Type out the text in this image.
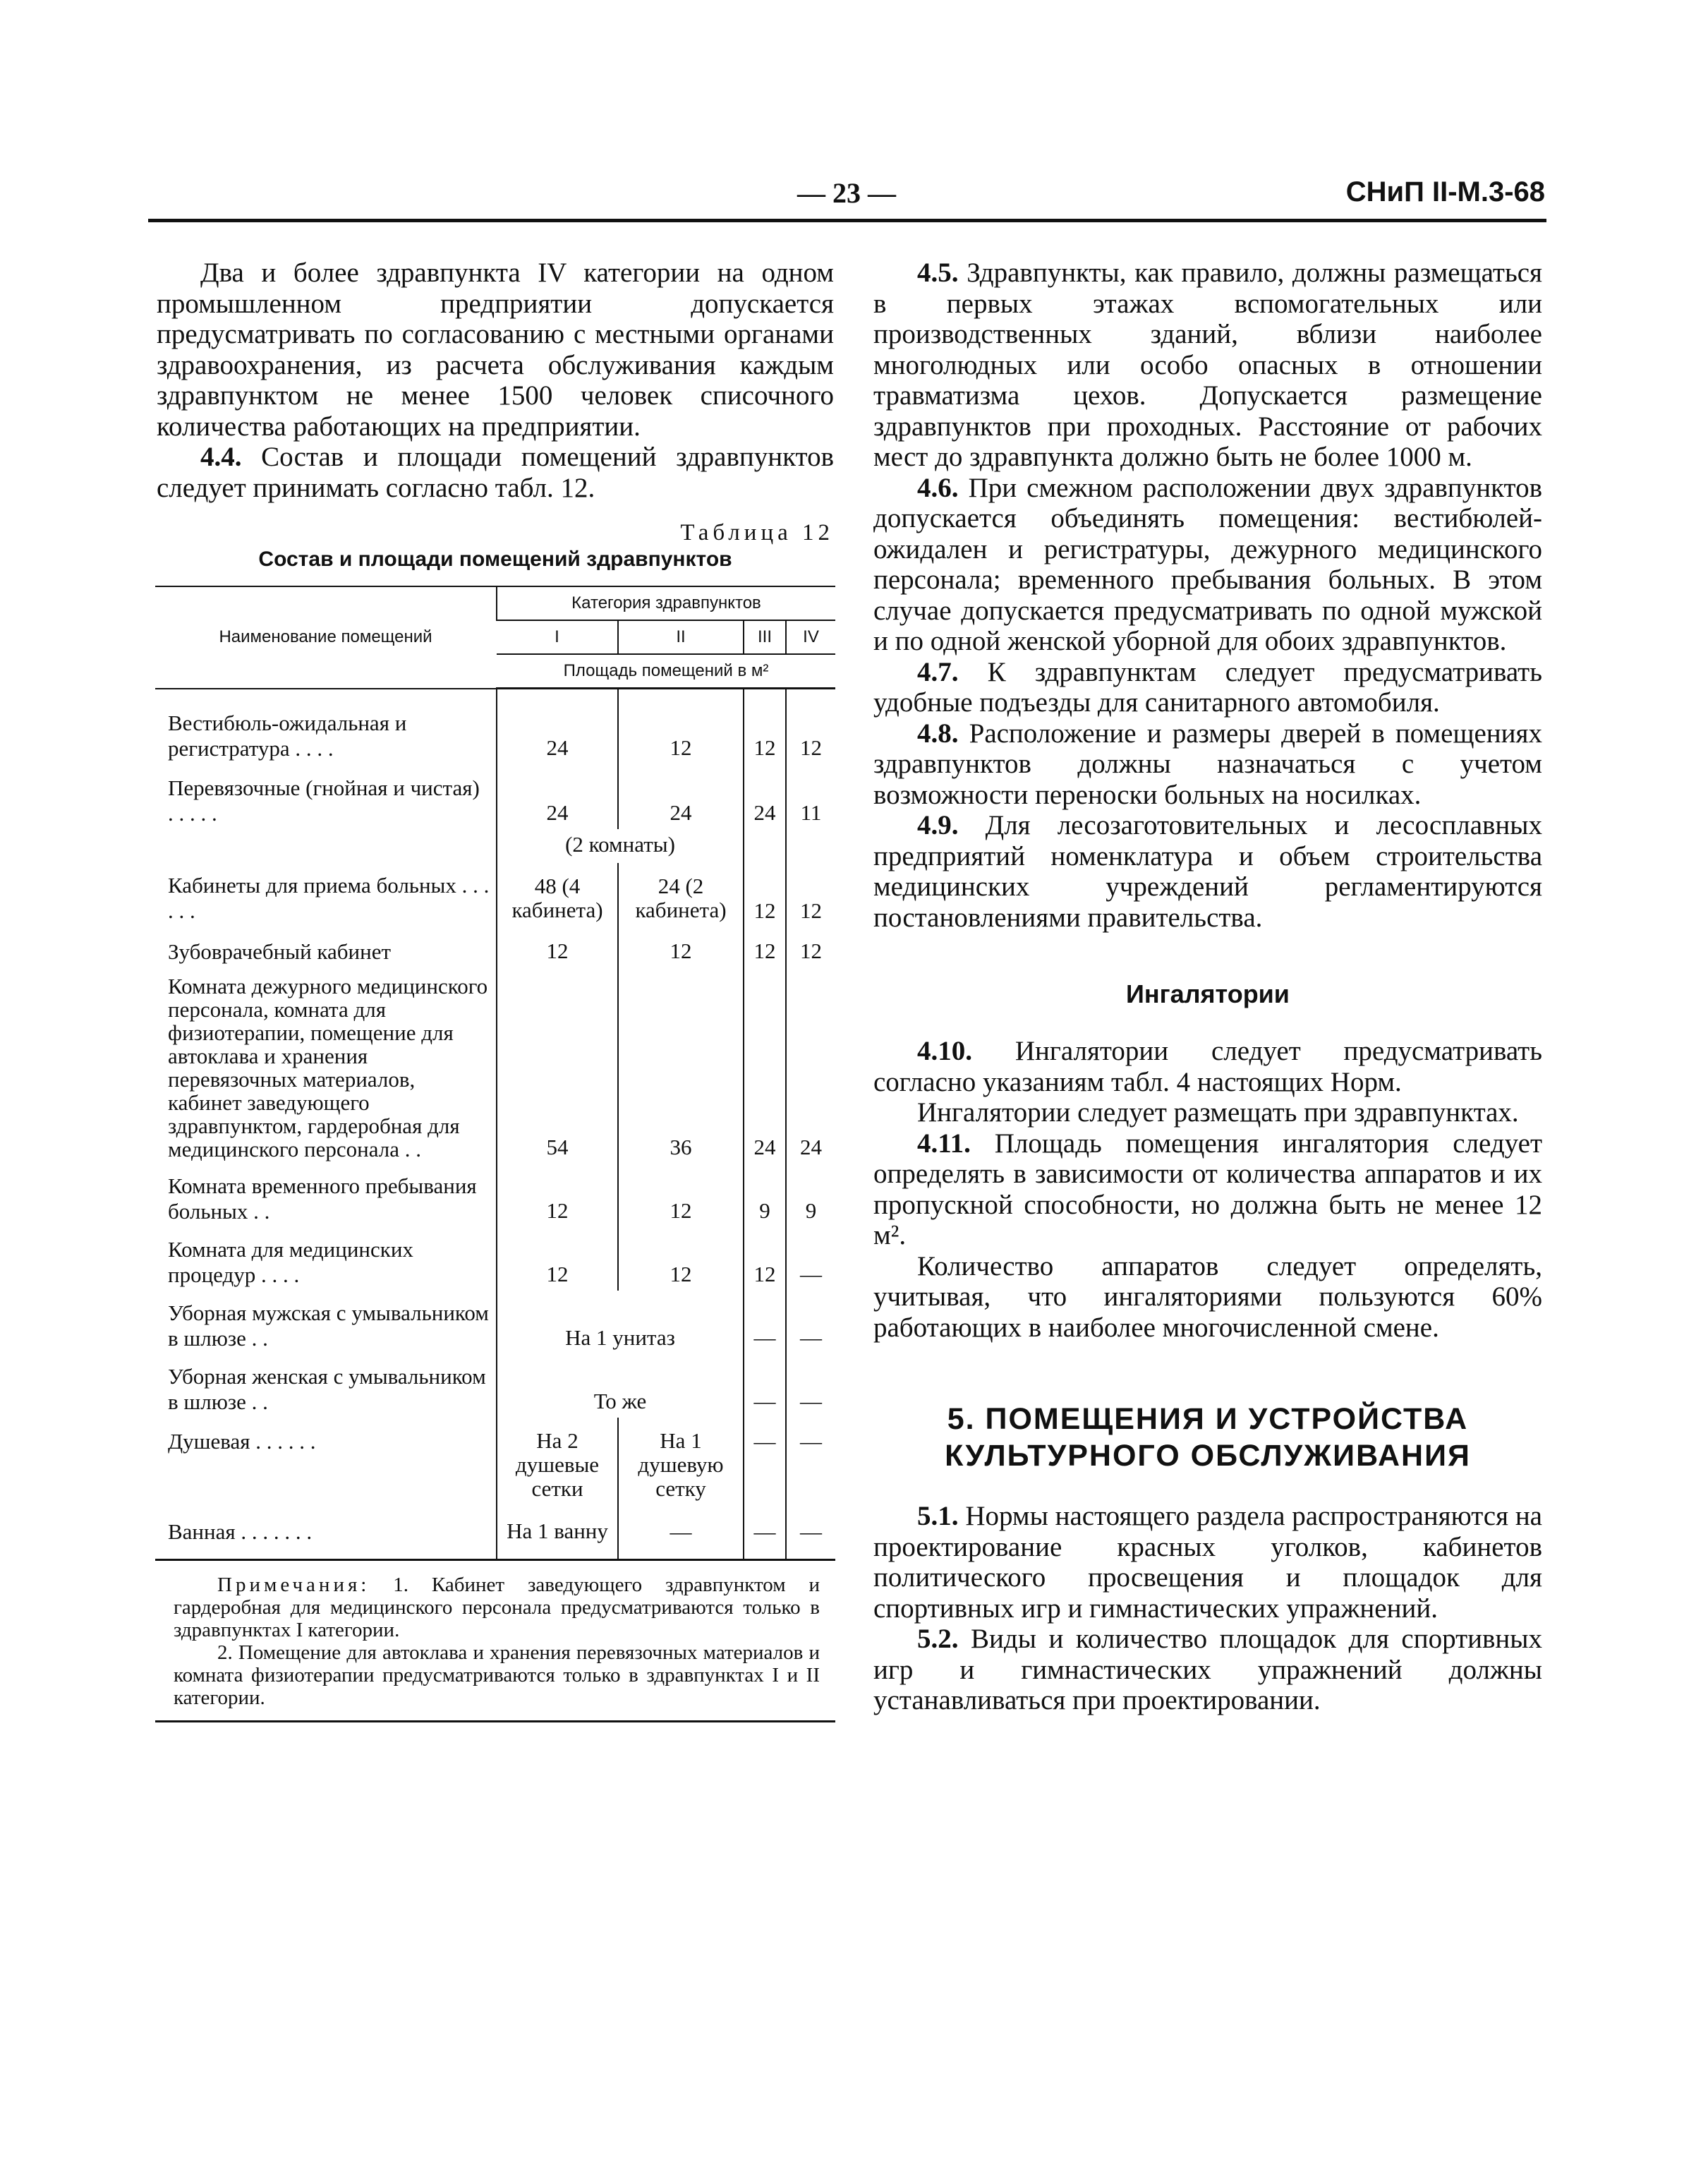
— 23 —	СНиП II-М.3-68

Два и более здравпункта IV категории на одном промышленном предприятии допускается предусматривать по согласованию с местными органами здравоохранения, из расчета обслуживания каждым здравпунктом не менее 1500 человек списочного количества работающих на предприятии.

4.4. Состав и площади помещений здравпунктов следует принимать согласно табл. 12.

Таблица 12
Состав и площади помещений здравпунктов
Наименование помещений	Категория здравпунктов			
	I	II	III	IV
	Площадь помещений в м²			
Вестибюль-ожидальная и регистратура . . . .	24	12	12	12
Перевязочные (гнойная и чистая) . . . . .	24	24	24	11
	(2 комнаты)			
Кабинеты для приема больных . . . . . .	48 (4 кабинета)	24 (2 кабинета)	12	12
Зубоврачебный кабинет	12	12	12	12
Комната дежурного медицинского персонала, комната для физиотерапии, помещение для автоклава и хранения перевязочных материалов, кабинет заведующего здравпунктом, гардеробная для медицинского персонала . .	54	36	24	24
Комната временного пребывания больных . .	12	12	9	9
Комната для медицинских процедур . . . .	12	12	12	—
Уборная мужская с умывальником в шлюзе . .	На 1 унитаз		—	—
Уборная женская с умывальником в шлюзе . .	То же		—	—
Душевая . . . . . .	На 2 душевые сетки	На 1 душевую сетку	—	—
Ванная . . . . . . .	На 1 ванну	—	—	—

Примечания: 1. Кабинет заведующего здравпунктом и гардеробная для медицинского персонала предусматриваются только в здравпунктах I категории.

2. Помещение для автоклава и хранения перевязочных материалов и комната физиотерапии предусматриваются только в здравпунктах I и II категории.

4.5. Здравпункты, как правило, должны размещаться в первых этажах вспомогательных или производственных зданий, вблизи наиболее многолюдных или особо опасных в отношении травматизма цехов. Допускается размещение здравпунктов при проходных. Расстояние от рабочих мест до здравпункта должно быть не более 1000 м.

4.6. При смежном расположении двух здравпунктов допускается объединять помещения: вестибюлей-ожидален и регистратуры, дежурного медицинского персонала; временного пребывания больных. В этом случае допускается предусматривать по одной мужской и по одной женской уборной для обоих здравпунктов.

4.7. К здравпунктам следует предусматривать удобные подъезды для санитарного автомобиля.

4.8. Расположение и размеры дверей в помещениях здравпунктов должны назначаться с учетом возможности переноски больных на носилках.

4.9. Для лесозаготовительных и лесосплавных предприятий номенклатура и объем строительства медицинских учреждений регламентируются постановлениями правительства.

Ингалятории

4.10. Ингалятории следует предусматривать согласно указаниям табл. 4 настоящих Норм.

Ингалятории следует размещать при здравпунктах.

4.11. Площадь помещения ингалятория следует определять в зависимости от количества аппаратов и их пропускной способности, но должна быть не менее 12 м².

Количество аппаратов следует определять, учитывая, что ингаляториями пользуются 60% работающих в наиболее многочисленной смене.

5. ПОМЕЩЕНИЯ И УСТРОЙСТВА КУЛЬТУРНОГО ОБСЛУЖИВАНИЯ

5.1. Нормы настоящего раздела распространяются на проектирование красных уголков, кабинетов политического просвещения и площадок для спортивных игр и гимнастических упражнений.

5.2. Виды и количество площадок для спортивных игр и гимнастических упражнений должны устанавливаться при проектировании.
